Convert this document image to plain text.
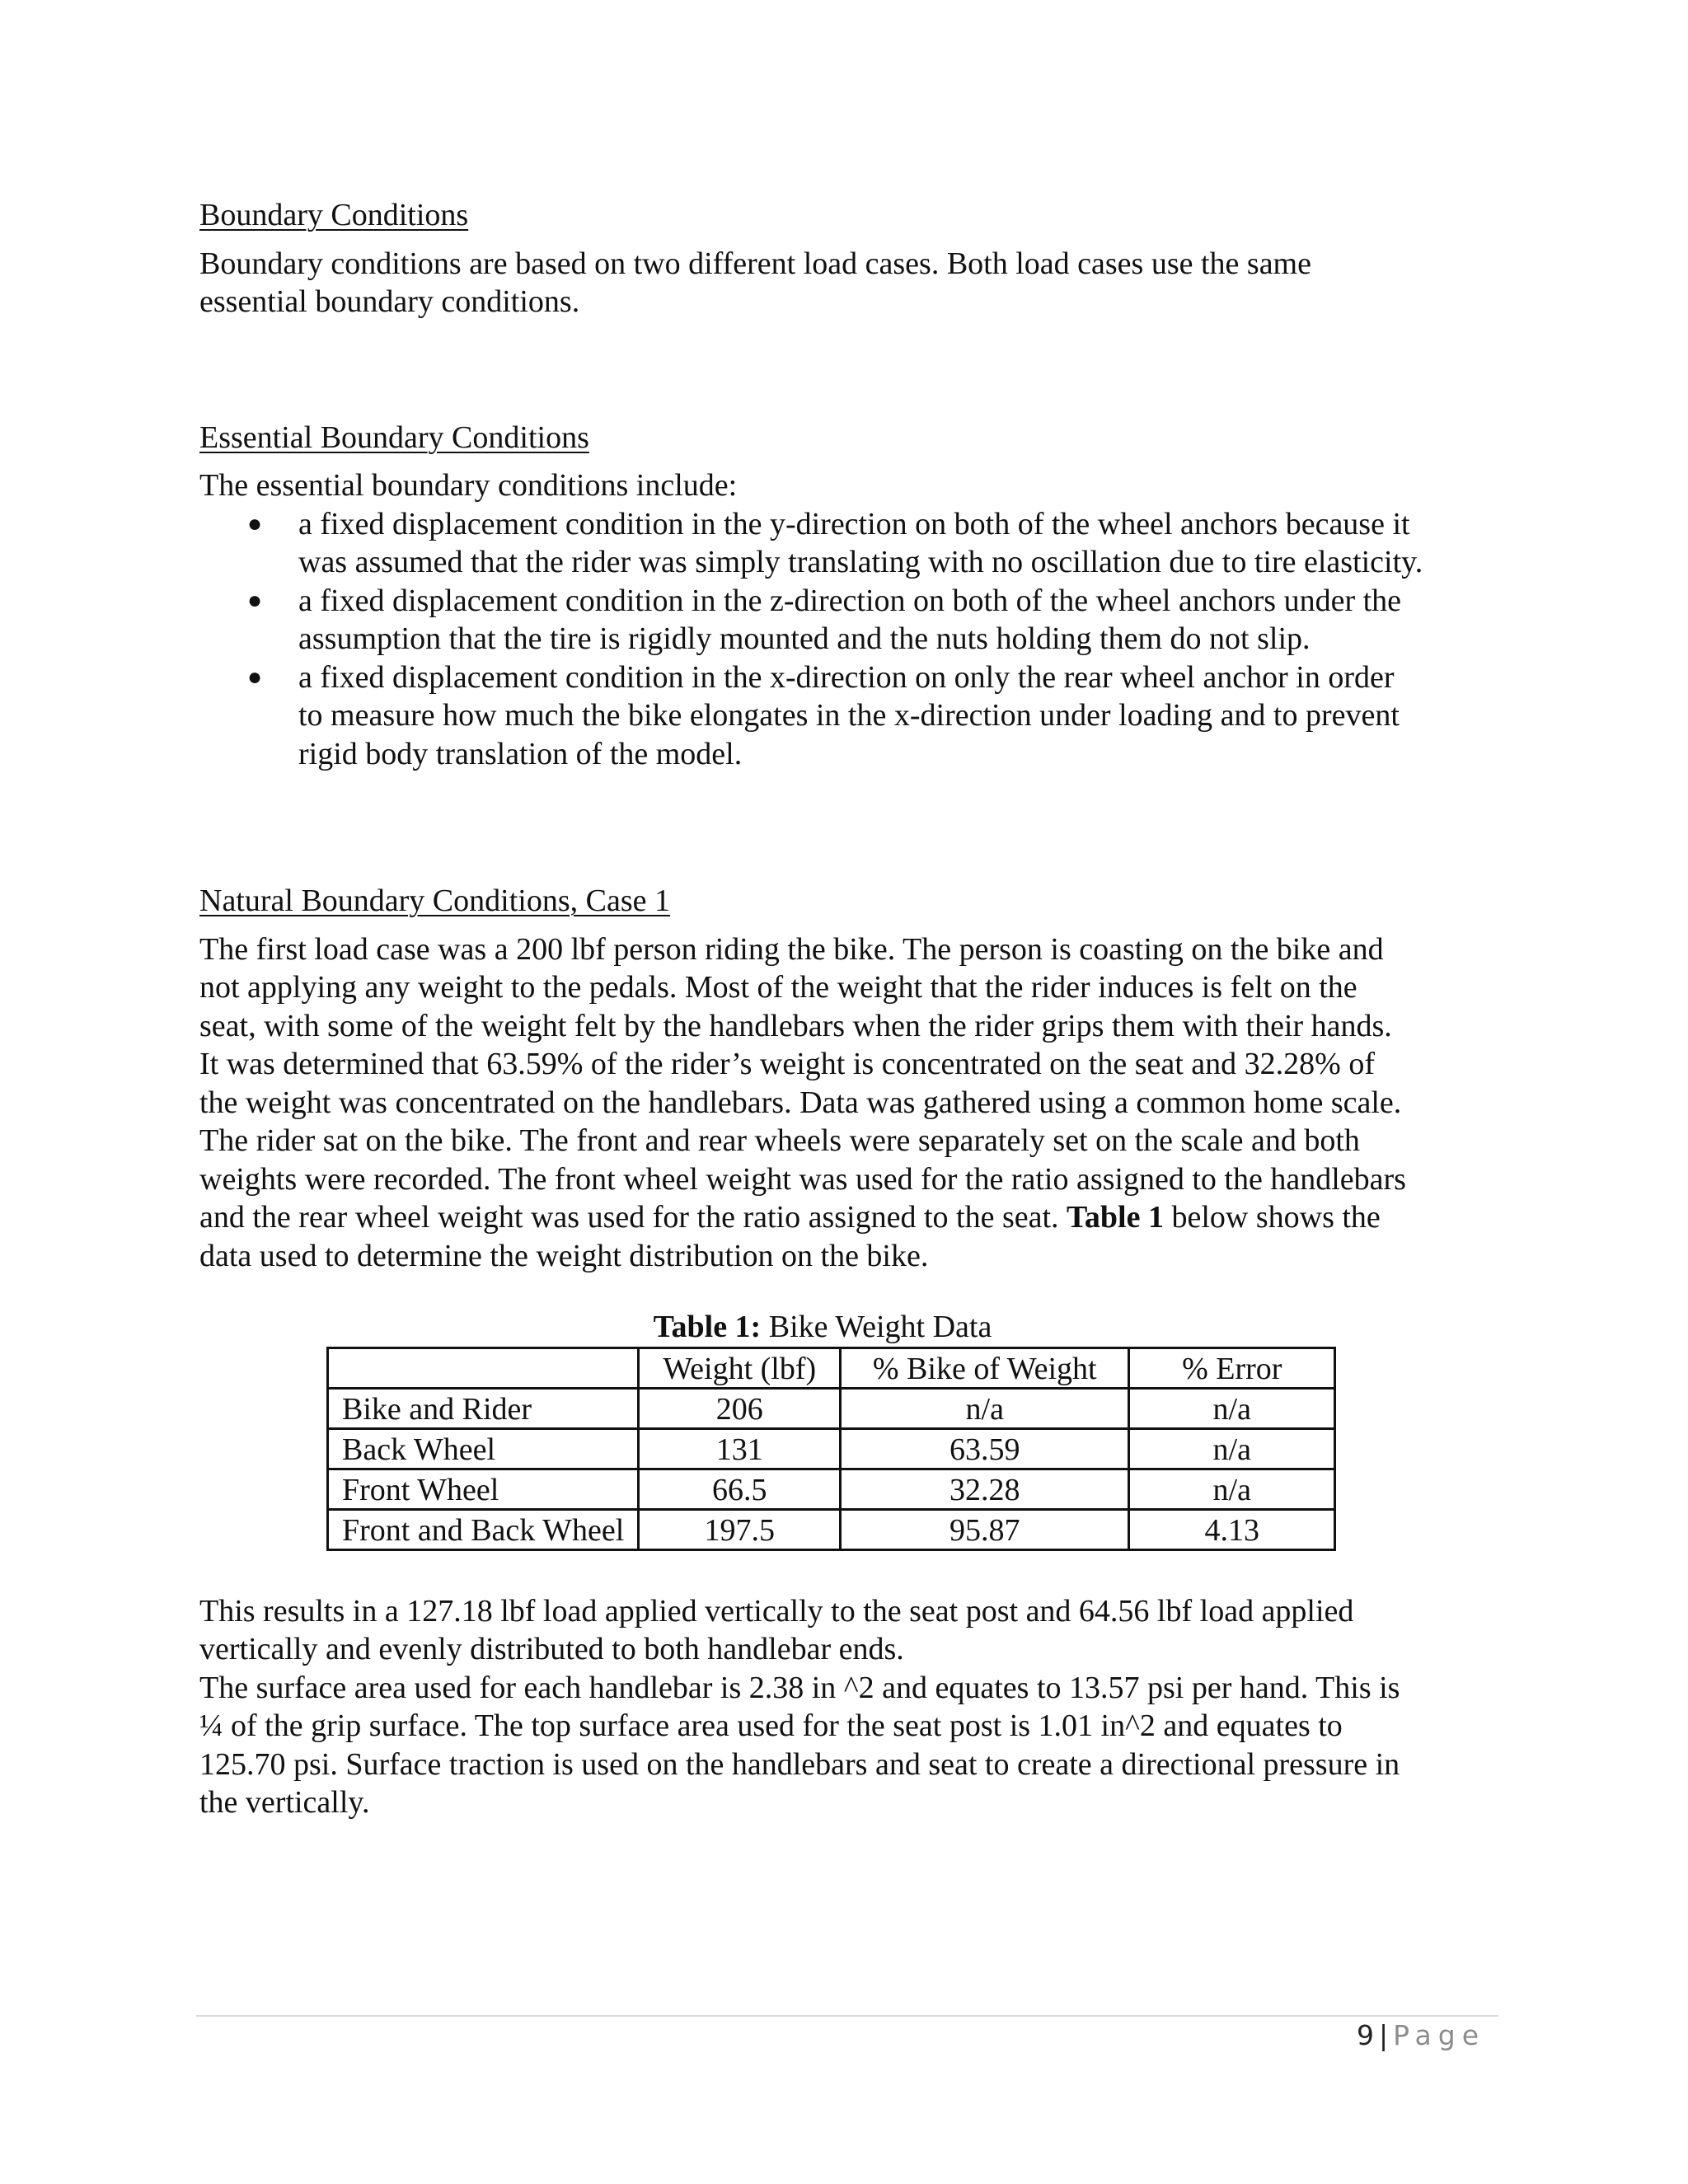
Boundary Conditions

Boundary conditions are based on two different load cases. Both load cases use the same
essential boundary conditions.

Essential Boundary Conditions

The essential boundary conditions include:

● a fixed displacement condition in the y-direction on both of the wheel anchors because it
was assumed that the rider was simply translating with no oscillation due to tire elasticity.
● a fixed displacement condition in the z-direction on both of the wheel anchors under the
assumption that the tire is rigidly mounted and the nuts holding them do not slip.
● a fixed displacement condition in the x-direction on only the rear wheel anchor in order
to measure how much the bike elongates in the x-direction under loading and to prevent
rigid body translation of the model.
Natural Boundary Conditions, Case 1

The first load case was a 200 lbf person riding the bike. The person is coasting on the bike and
not applying any weight to the pedals. Most of the weight that the rider induces is felt on the
seat, with some of the weight felt by the handlebars when the rider grips them with their hands.
It was determined that 63.59% of the rider’s weight is concentrated on the seat and 32.28% of
the weight was concentrated on the handlebars. Data was gathered using a common home scale.
The rider sat on the bike. The front and rear wheels were separately set on the scale and both
weights were recorded. The front wheel weight was used for the ratio assigned to the handlebars
and the rear wheel weight was used for the ratio assigned to the seat. Table 1 below shows the
data used to determine the weight distribution on the bike.

Table 1: Bike Weight Data
	Weight (lbf)	% Bike of Weight	% Error
Bike and Rider	206	n/a	n/a
Back Wheel	131	63.59	n/a
Front Wheel	66.5	32.28	n/a
Front and Back Wheel	197.5	95.87	4.13

This results in a 127.18 lbf load applied vertically to the seat post and 64.56 lbf load applied
vertically and evenly distributed to both handlebar ends.
The surface area used for each handlebar is 2.38 in ^2 and equates to 13.57 psi per hand. This is
¼ of the grip surface. The top surface area used for the seat post is 1.01 in^2 and equates to
125.70 psi. Surface traction is used on the handlebars and seat to create a directional pressure in
the vertically.

9 | Page
